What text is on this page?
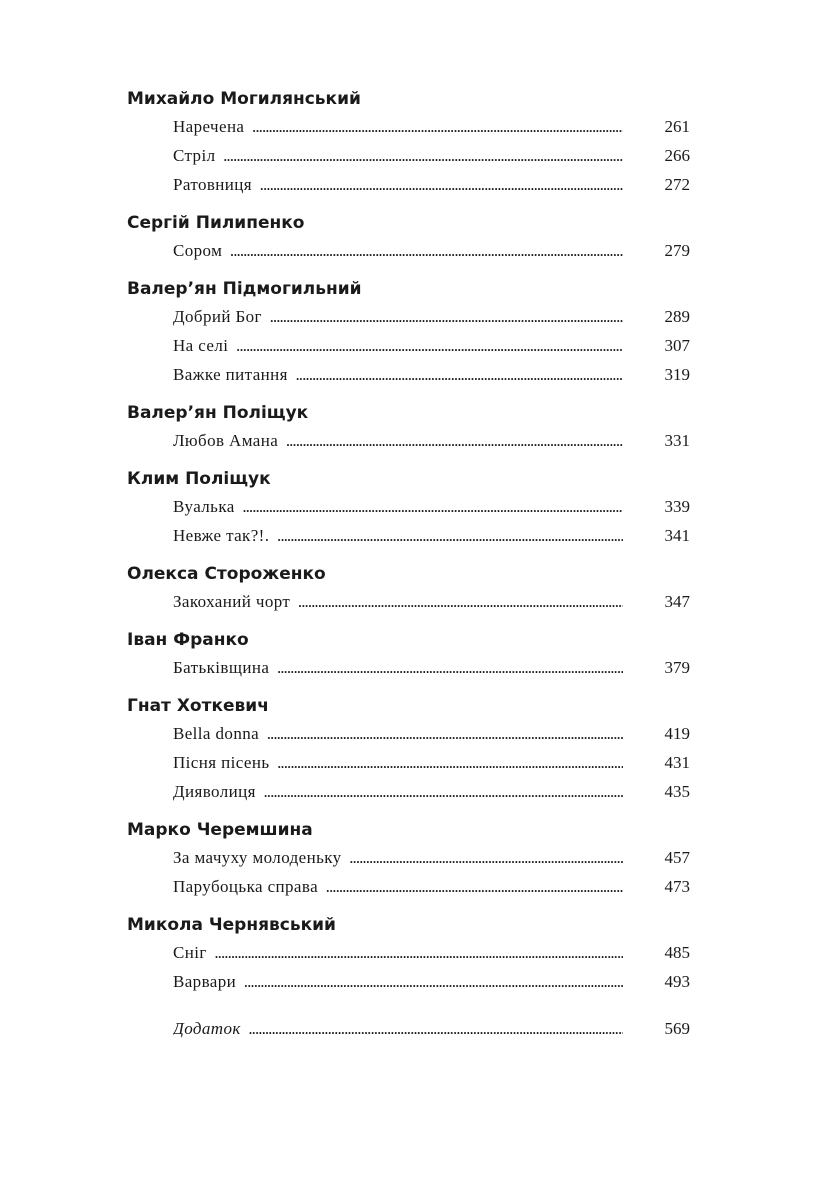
Михайло Могилянський
Наречена . . .	261
Стріл . . .	266
Ратовниця . . .	272
Сергій Пилипенко
Сором . . .	279
Валер’ян Підмогильний
Добрий Бог . . .	289
На селі . . .	307
Важке питання . . .	319
Валер’ян Поліщук
Любов Амана . . .	331
Клим Поліщук
Вуалька . . .	339
Невже так?!. . . .	341
Олекса Стороженко
Закоханий чорт . . .	347
Іван Франко
Батьківщина . . .	379
Гнат Хоткевич
Bella donna . . .	419
Пісня пісень . . .	431
Дияволиця . . .	435
Марко Черемшина
За мачуху молоденьку . . .	457
Парубоцька справа . . .	473
Микола Чернявський
Сніг . . .	485
Варвари . . .	493
Додаток . . .	569
